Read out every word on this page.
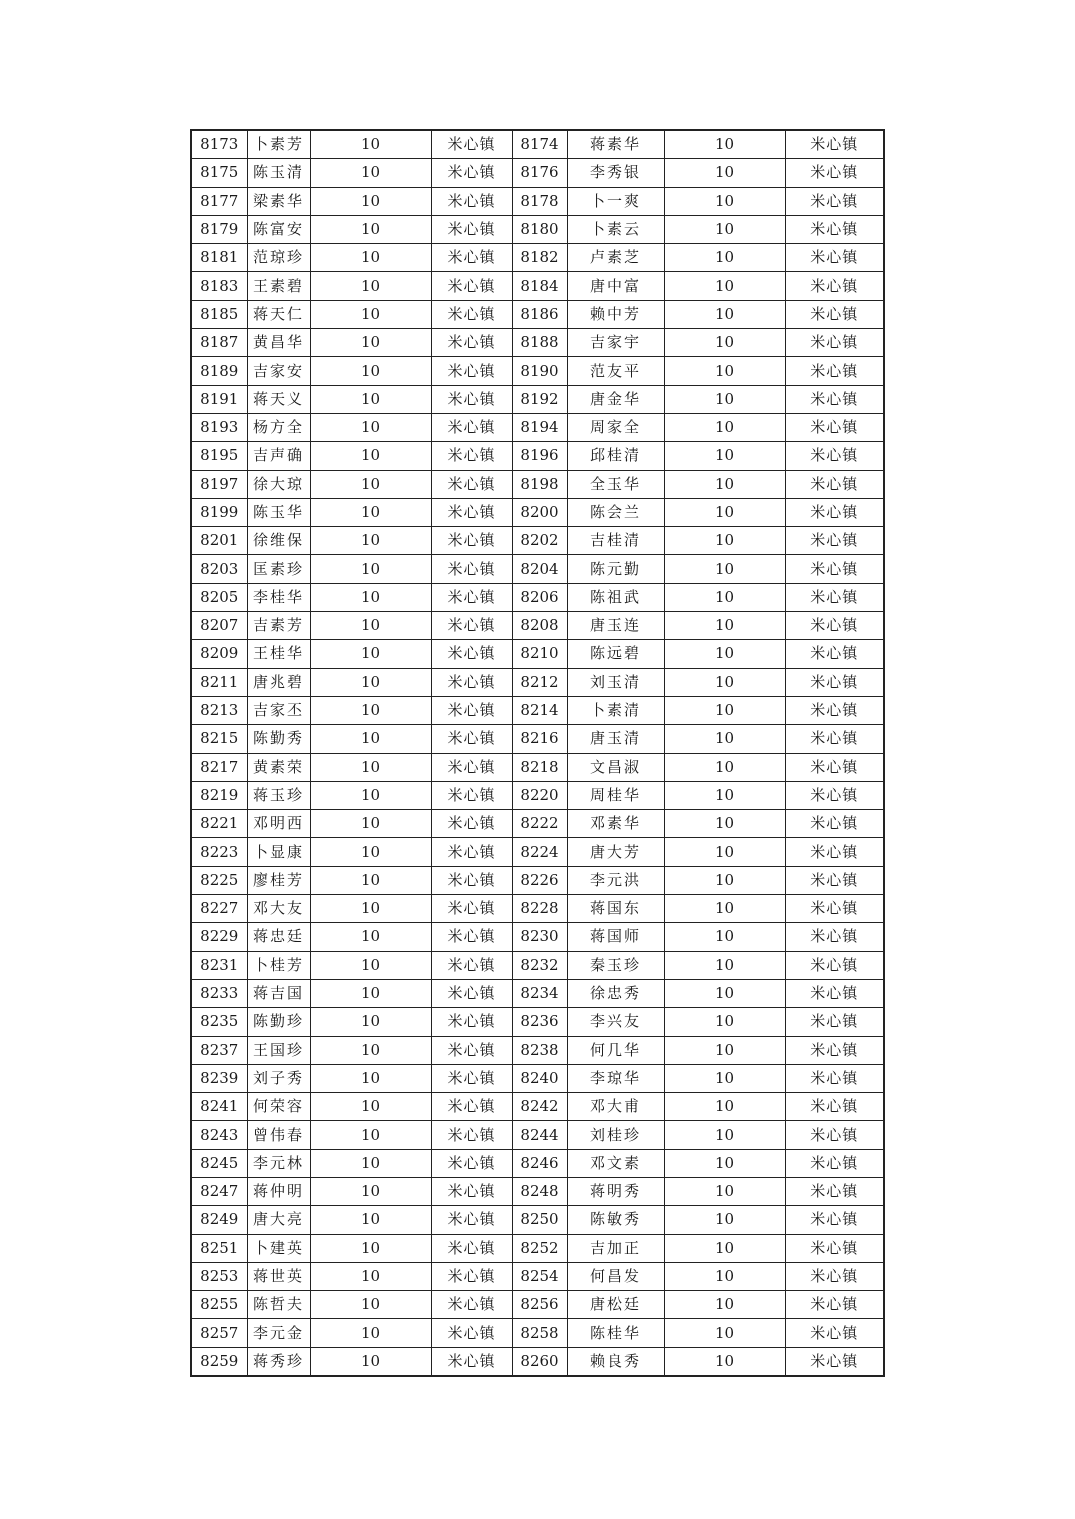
8173	卜素芳	10	米心镇	8174	蒋素华	10	米心镇
8175	陈玉清	10	米心镇	8176	李秀银	10	米心镇
8177	梁素华	10	米心镇	8178	卜一爽	10	米心镇
8179	陈富安	10	米心镇	8180	卜素云	10	米心镇
8181	范琼珍	10	米心镇	8182	卢素芝	10	米心镇
8183	王素碧	10	米心镇	8184	唐中富	10	米心镇
8185	蒋天仁	10	米心镇	8186	赖中芳	10	米心镇
8187	黄昌华	10	米心镇	8188	吉家宇	10	米心镇
8189	吉家安	10	米心镇	8190	范友平	10	米心镇
8191	蒋天义	10	米心镇	8192	唐金华	10	米心镇
8193	杨方全	10	米心镇	8194	周家全	10	米心镇
8195	吉声确	10	米心镇	8196	邱桂清	10	米心镇
8197	徐大琼	10	米心镇	8198	全玉华	10	米心镇
8199	陈玉华	10	米心镇	8200	陈会兰	10	米心镇
8201	徐维保	10	米心镇	8202	吉桂清	10	米心镇
8203	匡素珍	10	米心镇	8204	陈元勤	10	米心镇
8205	李桂华	10	米心镇	8206	陈祖武	10	米心镇
8207	吉素芳	10	米心镇	8208	唐玉连	10	米心镇
8209	王桂华	10	米心镇	8210	陈远碧	10	米心镇
8211	唐兆碧	10	米心镇	8212	刘玉清	10	米心镇
8213	吉家丕	10	米心镇	8214	卜素清	10	米心镇
8215	陈勤秀	10	米心镇	8216	唐玉清	10	米心镇
8217	黄素荣	10	米心镇	8218	文昌淑	10	米心镇
8219	蒋玉珍	10	米心镇	8220	周桂华	10	米心镇
8221	邓明西	10	米心镇	8222	邓素华	10	米心镇
8223	卜显康	10	米心镇	8224	唐大芳	10	米心镇
8225	廖桂芳	10	米心镇	8226	李元洪	10	米心镇
8227	邓大友	10	米心镇	8228	蒋国东	10	米心镇
8229	蒋忠廷	10	米心镇	8230	蒋国师	10	米心镇
8231	卜桂芳	10	米心镇	8232	秦玉珍	10	米心镇
8233	蒋吉国	10	米心镇	8234	徐忠秀	10	米心镇
8235	陈勤珍	10	米心镇	8236	李兴友	10	米心镇
8237	王国珍	10	米心镇	8238	何几华	10	米心镇
8239	刘子秀	10	米心镇	8240	李琼华	10	米心镇
8241	何荣容	10	米心镇	8242	邓大甫	10	米心镇
8243	曾伟春	10	米心镇	8244	刘桂珍	10	米心镇
8245	李元林	10	米心镇	8246	邓文素	10	米心镇
8247	蒋仲明	10	米心镇	8248	蒋明秀	10	米心镇
8249	唐大亮	10	米心镇	8250	陈敏秀	10	米心镇
8251	卜建英	10	米心镇	8252	吉加正	10	米心镇
8253	蒋世英	10	米心镇	8254	何昌发	10	米心镇
8255	陈哲夫	10	米心镇	8256	唐松廷	10	米心镇
8257	李元金	10	米心镇	8258	陈桂华	10	米心镇
8259	蒋秀珍	10	米心镇	8260	赖良秀	10	米心镇
